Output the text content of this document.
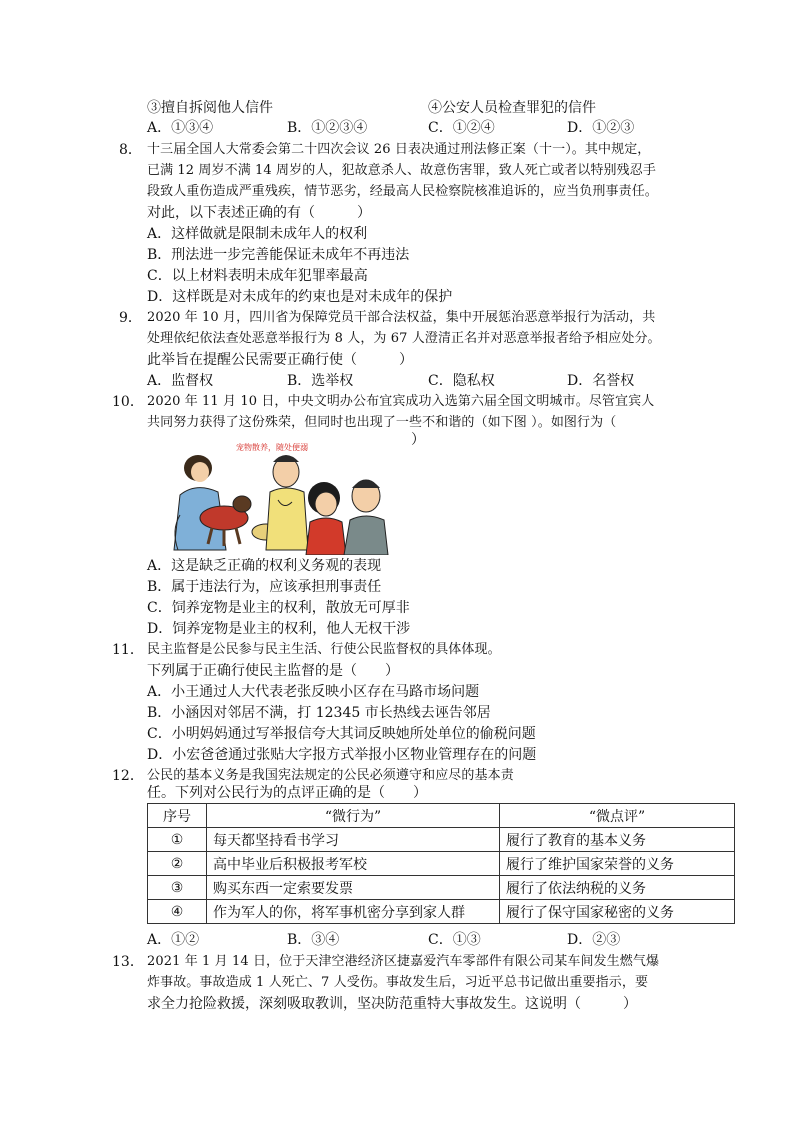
③擅自拆阅他人信件	④公安人员检查罪犯的信件
A．①③④	B．①②③④	C．①②④	D．①②③
8． 十三届全国人大常委会第二十四次会议 26 日表决通过刑法修正案（十一）。其中规定，
已满 12 周岁不满 14 周岁的人，犯故意杀人、故意伤害罪，致人死亡或者以特别残忍手
段致人重伤造成严重残疾，情节恶劣，经最高人民检察院核准追诉的，应当负刑事责任。
对此，以下表述正确的有（　　　）
A．这样做就是限制未成年人的权利
B．刑法进一步完善能保证未成年不再违法
C．以上材料表明未成年犯罪率最高
D．这样既是对未成年的约束也是对未成年的保护
9． 2020 年 10 月，四川省为保障党员干部合法权益，集中开展惩治恶意举报行为活动，共
处理依纪依法查处恶意举报行为 8 人，为 67 人澄清正名并对恶意举报者给予相应处分。
此举旨在提醒公民需要正确行使（　　　）
A．监督权	B．选举权	C．隐私权	D．名誉权
10． 2020 年 11 月 10 日，中央文明办公布宜宾成功入选第六届全国文明城市。尽管宜宾人
共同努力获得了这份殊荣，但同时也出现了一些不和谐的（如下图 ）。如图行为（
）
宠物散养，随处便溺
A．这是缺乏正确的权利义务观的表现
B．属于违法行为，应该承担刑事责任
C．饲养宠物是业主的权利，散放无可厚非
D．饲养宠物是业主的权利，他人无权干涉
11． 民主监督是公民参与民主生活、行使公民监督权的具体体现。
下列属于正确行使民主监督的是（　　）
A．小王通过人大代表老张反映小区存在马路市场问题
B．小涵因对邻居不满，打 12345 市长热线去诬告邻居
C．小明妈妈通过写举报信夸大其词反映她所处单位的偷税问题
D．小宏爸爸通过张贴大字报方式举报小区物业管理存在的问题
12． 公民的基本义务是我国宪法规定的公民必须遵守和应尽的基本责
任。下列对公民行为的点评正确的是（　　）
序号	“微行为”	“微点评”
①	每天都坚持看书学习	履行了教育的基本义务
②	高中毕业后积极报考军校	履行了维护国家荣誉的义务
③	购买东西一定索要发票	履行了依法纳税的义务
④	作为军人的你，将军事机密分享到家人群	履行了保守国家秘密的义务
A．①②	B．③④	C．①③	D．②③
13． 2021 年 1 月 14 日，位于天津空港经济区捷嘉爱汽车零部件有限公司某车间发生燃气爆
炸事故。事故造成 1 人死亡、7 人受伤。事故发生后，习近平总书记做出重要指示，要
求全力抢险救援，深刻吸取教训，坚决防范重特大事故发生。这说明（　　　）
